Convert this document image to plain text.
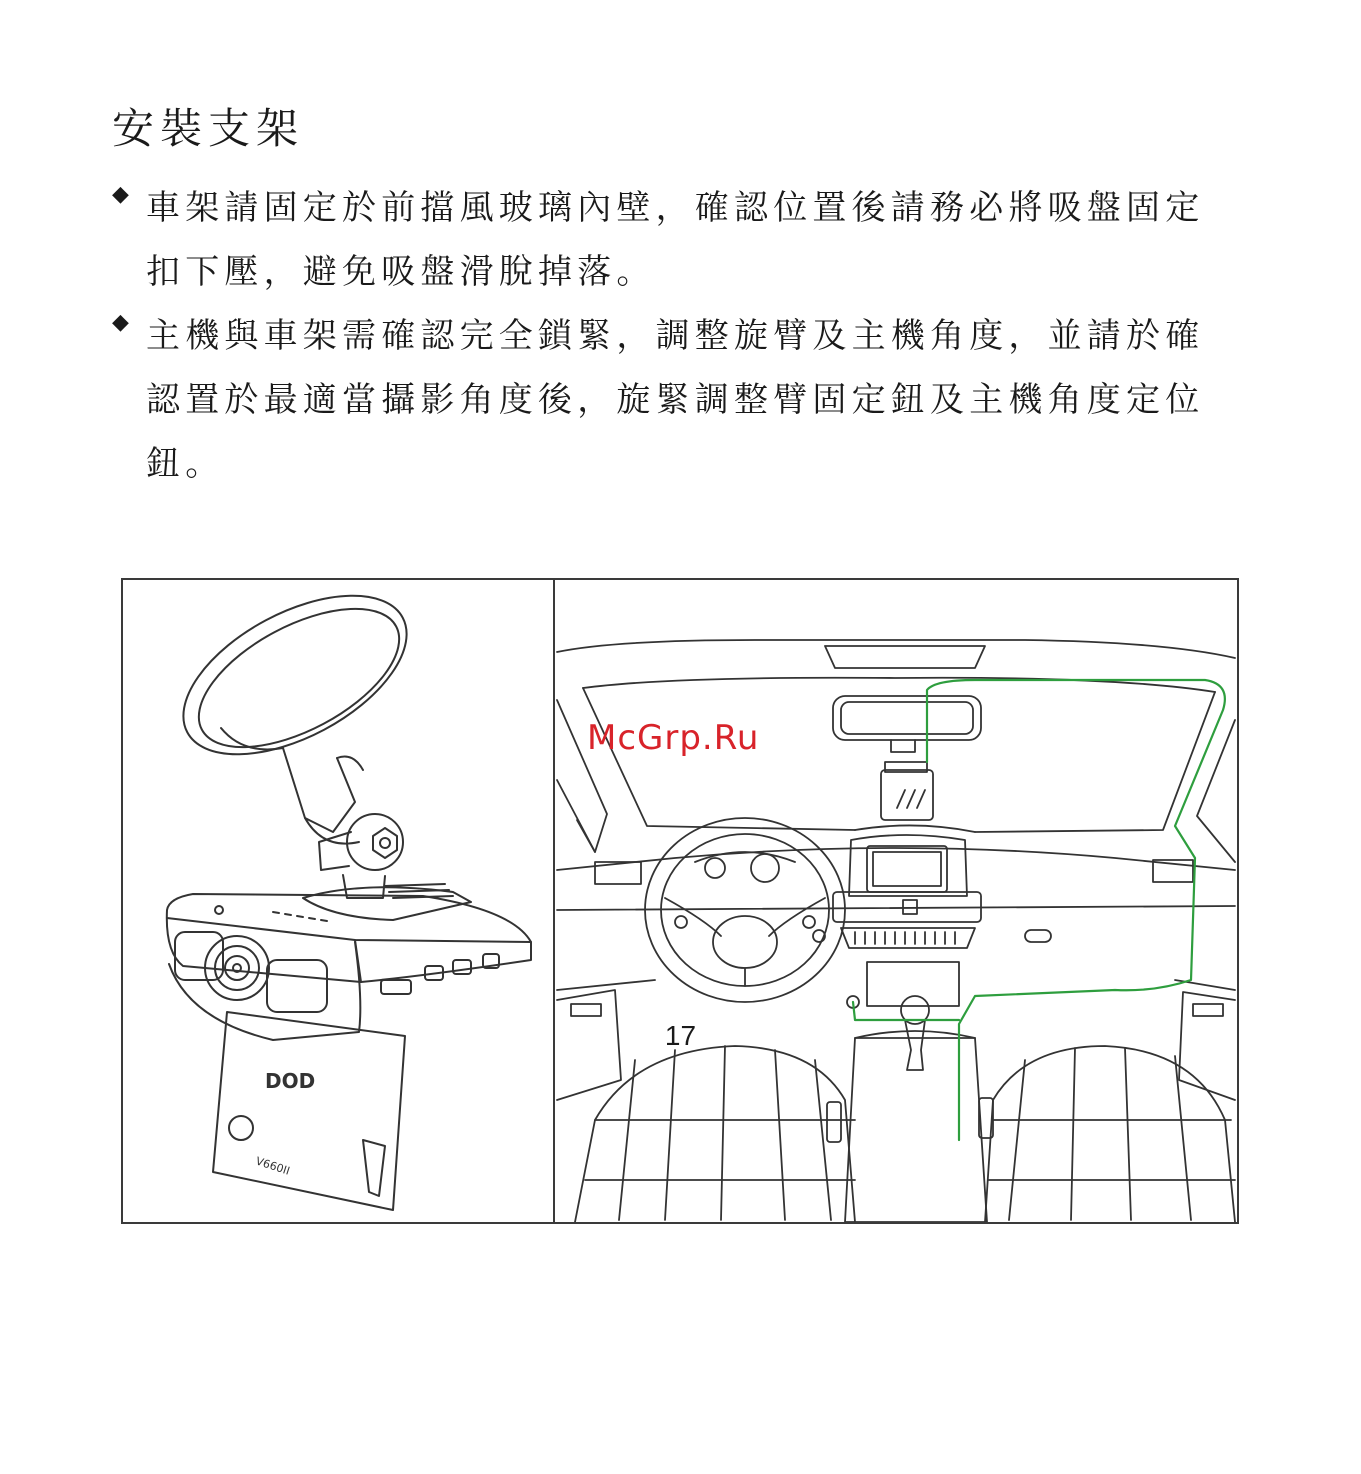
安裝支架
◆ 車架請固定於前擋風玻璃內壁，確認位置後請務必將吸盤固定扣下壓，避免吸盤滑脫掉落。
◆ 主機與車架需確認完全鎖緊，調整旋臂及主機角度，並請於確認置於最適當攝影角度後，旋緊調整臂固定鈕及主機角度定位鈕。
DOD
V660II
McGrp.Ru
17
